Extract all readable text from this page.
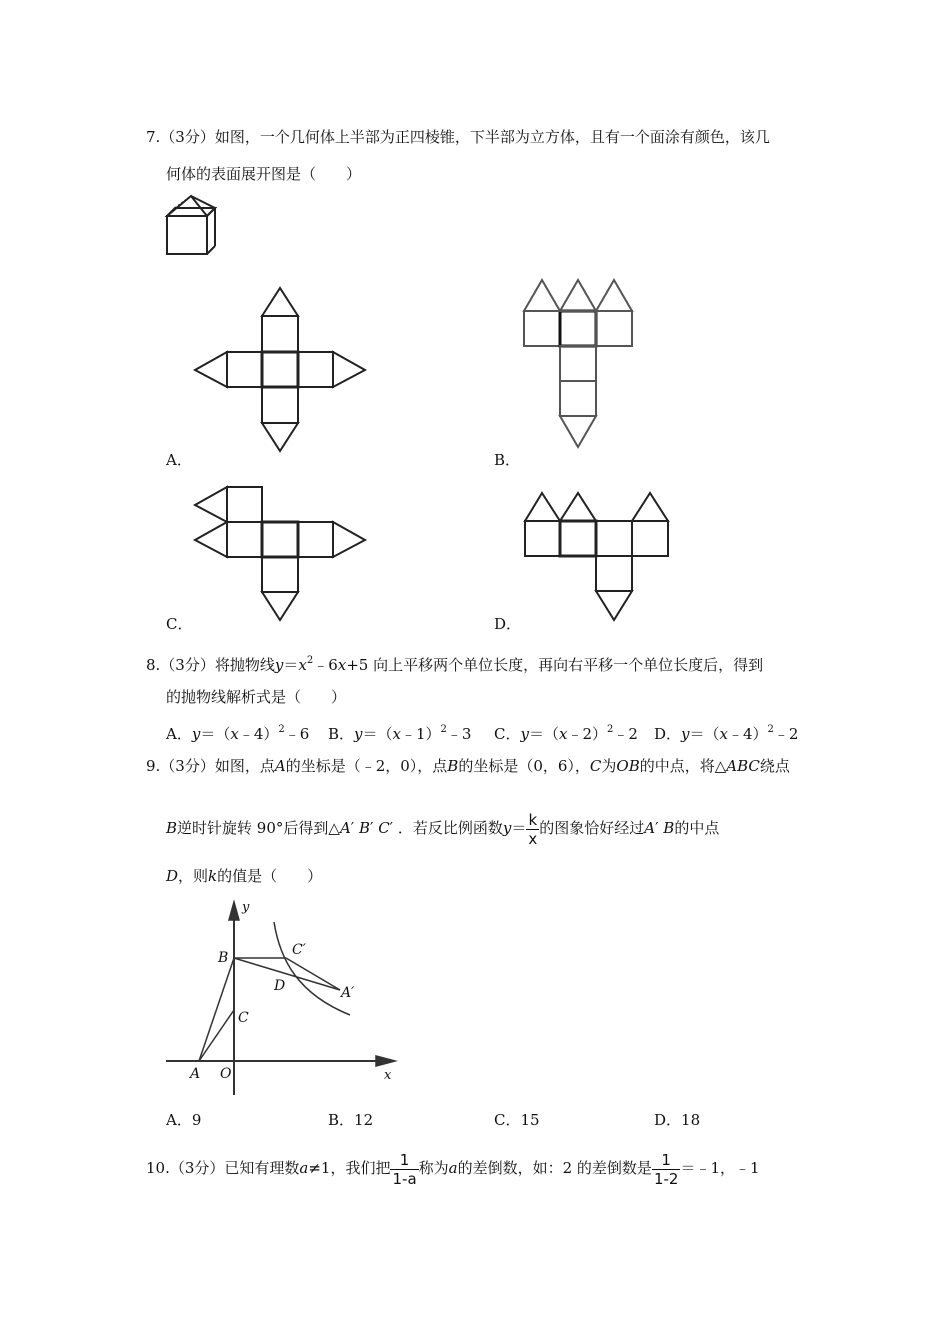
7.（3分）如图，一个几何体上半部为正四棱锥，下半部为立方体，且有一个面涂有颜色，该几
何体的表面展开图是（　　）
A．	B．
C．	D．
8.（3分）将抛物线$y=x^2﹣6x+5$ 向上平移两个单位长度，再向右平移一个单位长度后，得到
的抛物线解析式是（　　）
A．y＝（x﹣4）$^2$﹣6 B．y＝（x﹣1）$^2$﹣3 C．y＝（x﹣2）$^2$﹣2 D．y＝（x﹣4）$^2$﹣2
9.（3分）如图，点A的坐标是（﹣2，0），点B的坐标是（0，6），C为OB的中点，将△ABC绕点
B逆时针旋转 90°后得到△A′ B′ C′ ．若反比例函数$y= \frac{k}{x}$ 的图象恰好经过A′ B的中点
D，则k的值是（　　）
y
x
B	C′
D	A′
C
A O
A．9	B．12	C．15	D．18
10.（3分）已知有理数a≠1，我们把 $\frac{1}{1-a}$ 称为a的差倒数，如：2 的差倒数是 $\frac{1}{1-2}$ ＝﹣1，﹣1
